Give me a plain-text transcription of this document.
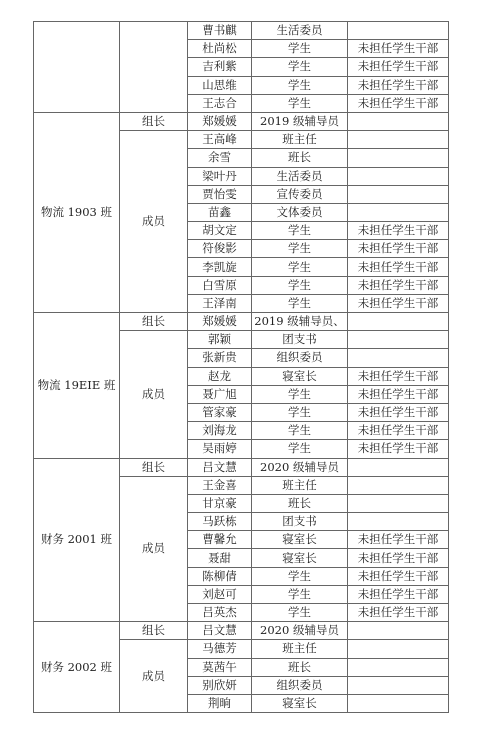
		曹书麒	生活委员	
		杜尚松	学生	未担任学生干部
		吉利紫	学生	未担任学生干部
		山思维	学生	未担任学生干部
		王志合	学生	未担任学生干部
物流 1903 班	组长	郑媛媛	2019 级辅导员	
	成员	王高峰	班主任	
		余雪	班长	
		梁叶丹	生活委员	
		贾怡雯	宣传委员	
		苗鑫	文体委员	
		胡文定	学生	未担任学生干部
		符俊影	学生	未担任学生干部
		李凯旋	学生	未担任学生干部
		白雪原	学生	未担任学生干部
		王泽南	学生	未担任学生干部
物流 19EIE 班	组长	郑媛媛	2019 级辅导员、	
	成员	郭颖	团支书	
		张新贵	组织委员	
		赵龙	寝室长	未担任学生干部
		聂广旭	学生	未担任学生干部
		管家豪	学生	未担任学生干部
		刘海龙	学生	未担任学生干部
		吴雨婷	学生	未担任学生干部
财务 2001 班	组长	吕文慧	2020 级辅导员	
	成员	王金喜	班主任	
		甘京豪	班长	
		马跃栋	团支书	
		曹馨允	寝室长	未担任学生干部
		聂甜	寝室长	未担任学生干部
		陈柳倩	学生	未担任学生干部
		刘赵可	学生	未担任学生干部
		吕英杰	学生	未担任学生干部
财务 2002 班	组长	吕文慧	2020 级辅导员	
	成员	马德芳	班主任	
		莫茜午	班长	
		别欣妍	组织委员	
		荆晌	寝室长	
